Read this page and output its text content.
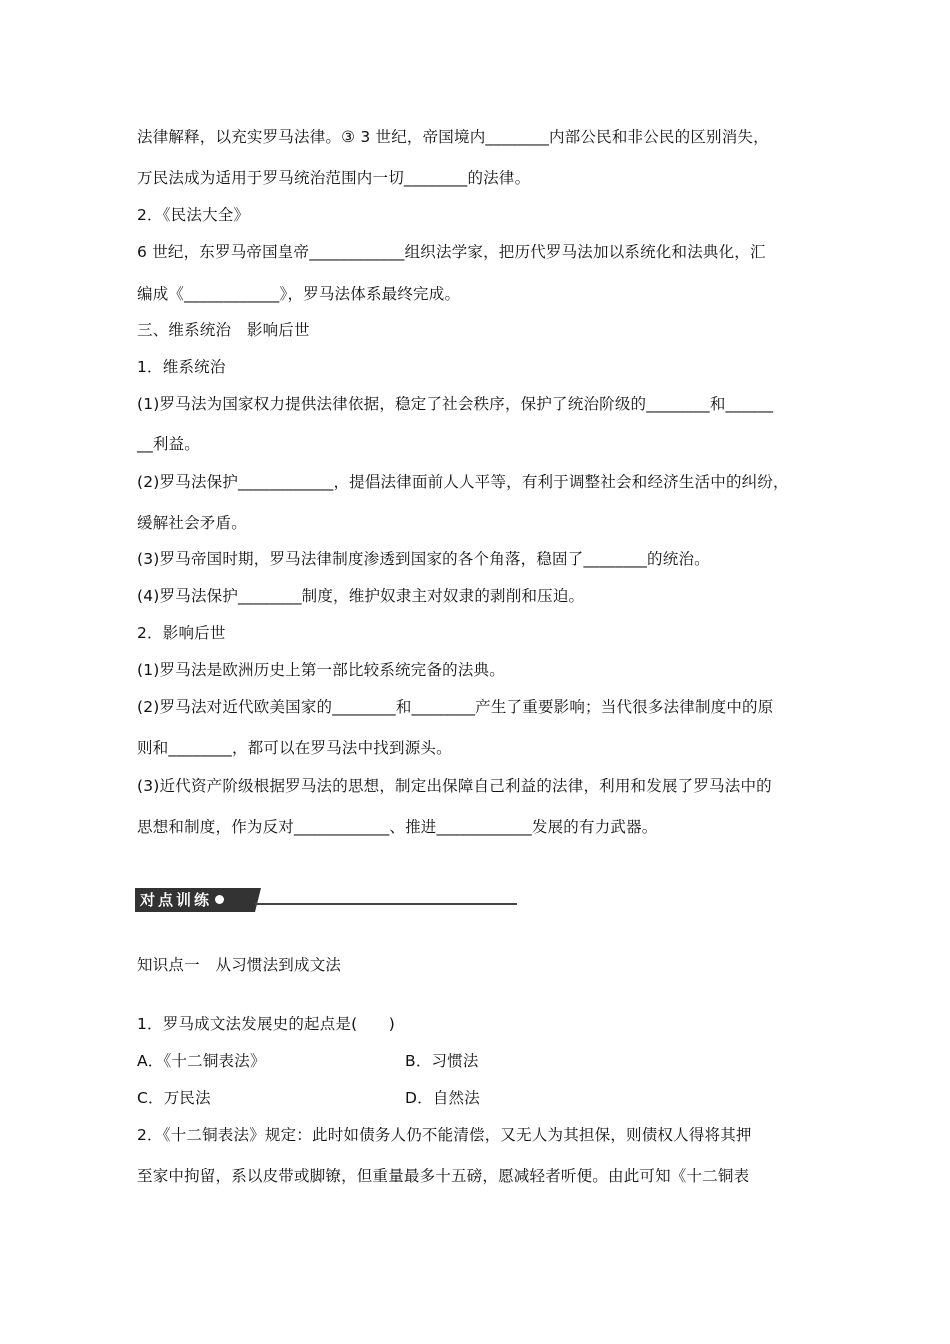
法律解释，以充实罗马法律。③ 3 世纪，帝国境内________内部公民和非公民的区别消失，
万民法成为适用于罗马统治范围内一切________的法律。
2．《民法大全》
6 世纪，东罗马帝国皇帝____________组织法学家，把历代罗马法加以系统化和法典化，汇
编成《____________》，罗马法体系最终完成。
三、维系统治　影响后世
1．维系统治
(1)罗马法为国家权力提供法律依据，稳定了社会秩序，保护了统治阶级的________和______
__利益。
(2)罗马法保护____________，提倡法律面前人人平等，有利于调整社会和经济生活中的纠纷，
缓解社会矛盾。
(3)罗马帝国时期，罗马法律制度渗透到国家的各个角落，稳固了________的统治。
(4)罗马法保护________制度，维护奴隶主对奴隶的剥削和压迫。
2．影响后世
(1)罗马法是欧洲历史上第一部比较系统完备的法典。
(2)罗马法对近代欧美国家的________和________产生了重要影响；当代很多法律制度中的原
则和________，都可以在罗马法中找到源头。
(3)近代资产阶级根据罗马法的思想，制定出保障自己利益的法律，利用和发展了罗马法中的
思想和制度，作为反对____________、推进____________发展的有力武器。
对点训练
知识点一　从习惯法到成文法
1．罗马成文法发展史的起点是(　　)
A．《十二铜表法》	B．习惯法
C．万民法	D．自然法
2．《十二铜表法》规定：此时如债务人仍不能清偿，又无人为其担保，则债权人得将其押
至家中拘留，系以皮带或脚镣，但重量最多十五磅，愿减轻者听便。由此可知《十二铜表
